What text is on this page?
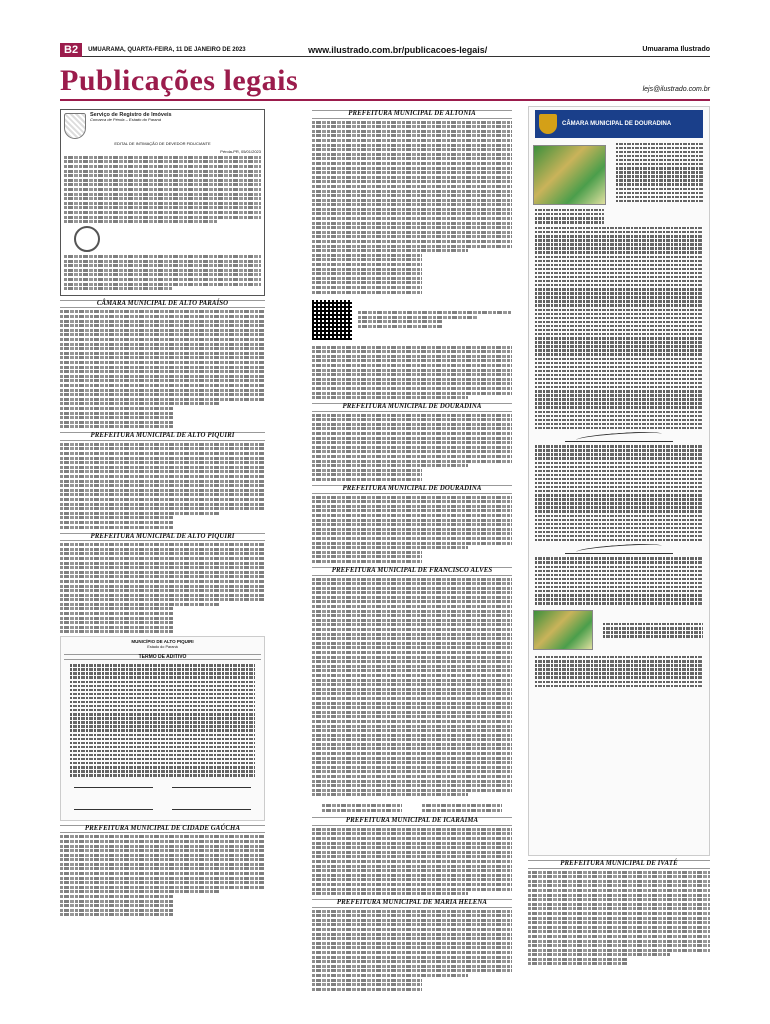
B2	UMUARAMA, QUARTA-FEIRA, 11 DE JANEIRO DE 2023	www.ilustrado.com.br/publicacoes-legais/	Umuarama Ilustrado
Publicações legais	lejs@ilustrado.com.br
Serviço de Registro de Imóveis
Comarca de Pérola – Estado do Paraná
EDITAL DE INTIMAÇÃO DE DEVEDOR FIDUCIANTE
Pérola-PR, 05/01/2023
CÂMARA MUNICIPAL DE ALTO PARAÍSO
PREFEITURA MUNICIPAL DE ALTO PIQUIRI
PREFEITURA MUNICIPAL DE ALTO PIQUIRI
MUNICÍPIO DE ALTO PIQUIRI
Estado do Paraná
TERMO DE ADITIVO
PREFEITURA MUNICIPAL DE CIDADE GAÚCHA
PREFEITURA MUNICIPAL DE ALTONIA
PREFEITURA MUNICIPAL DE DOURADINA
PREFEITURA MUNICIPAL DE DOURADINA
PREFEITURA MUNICIPAL DE FRANCISCO ALVES
PREFEITURA MUNICIPAL DE ICARAIMA
PREFEITURA MUNICIPAL DE MARIA HELENA
CÂMARA MUNICIPAL DE DOURADINA
PREFEITURA MUNICIPAL DE IVATÉ
